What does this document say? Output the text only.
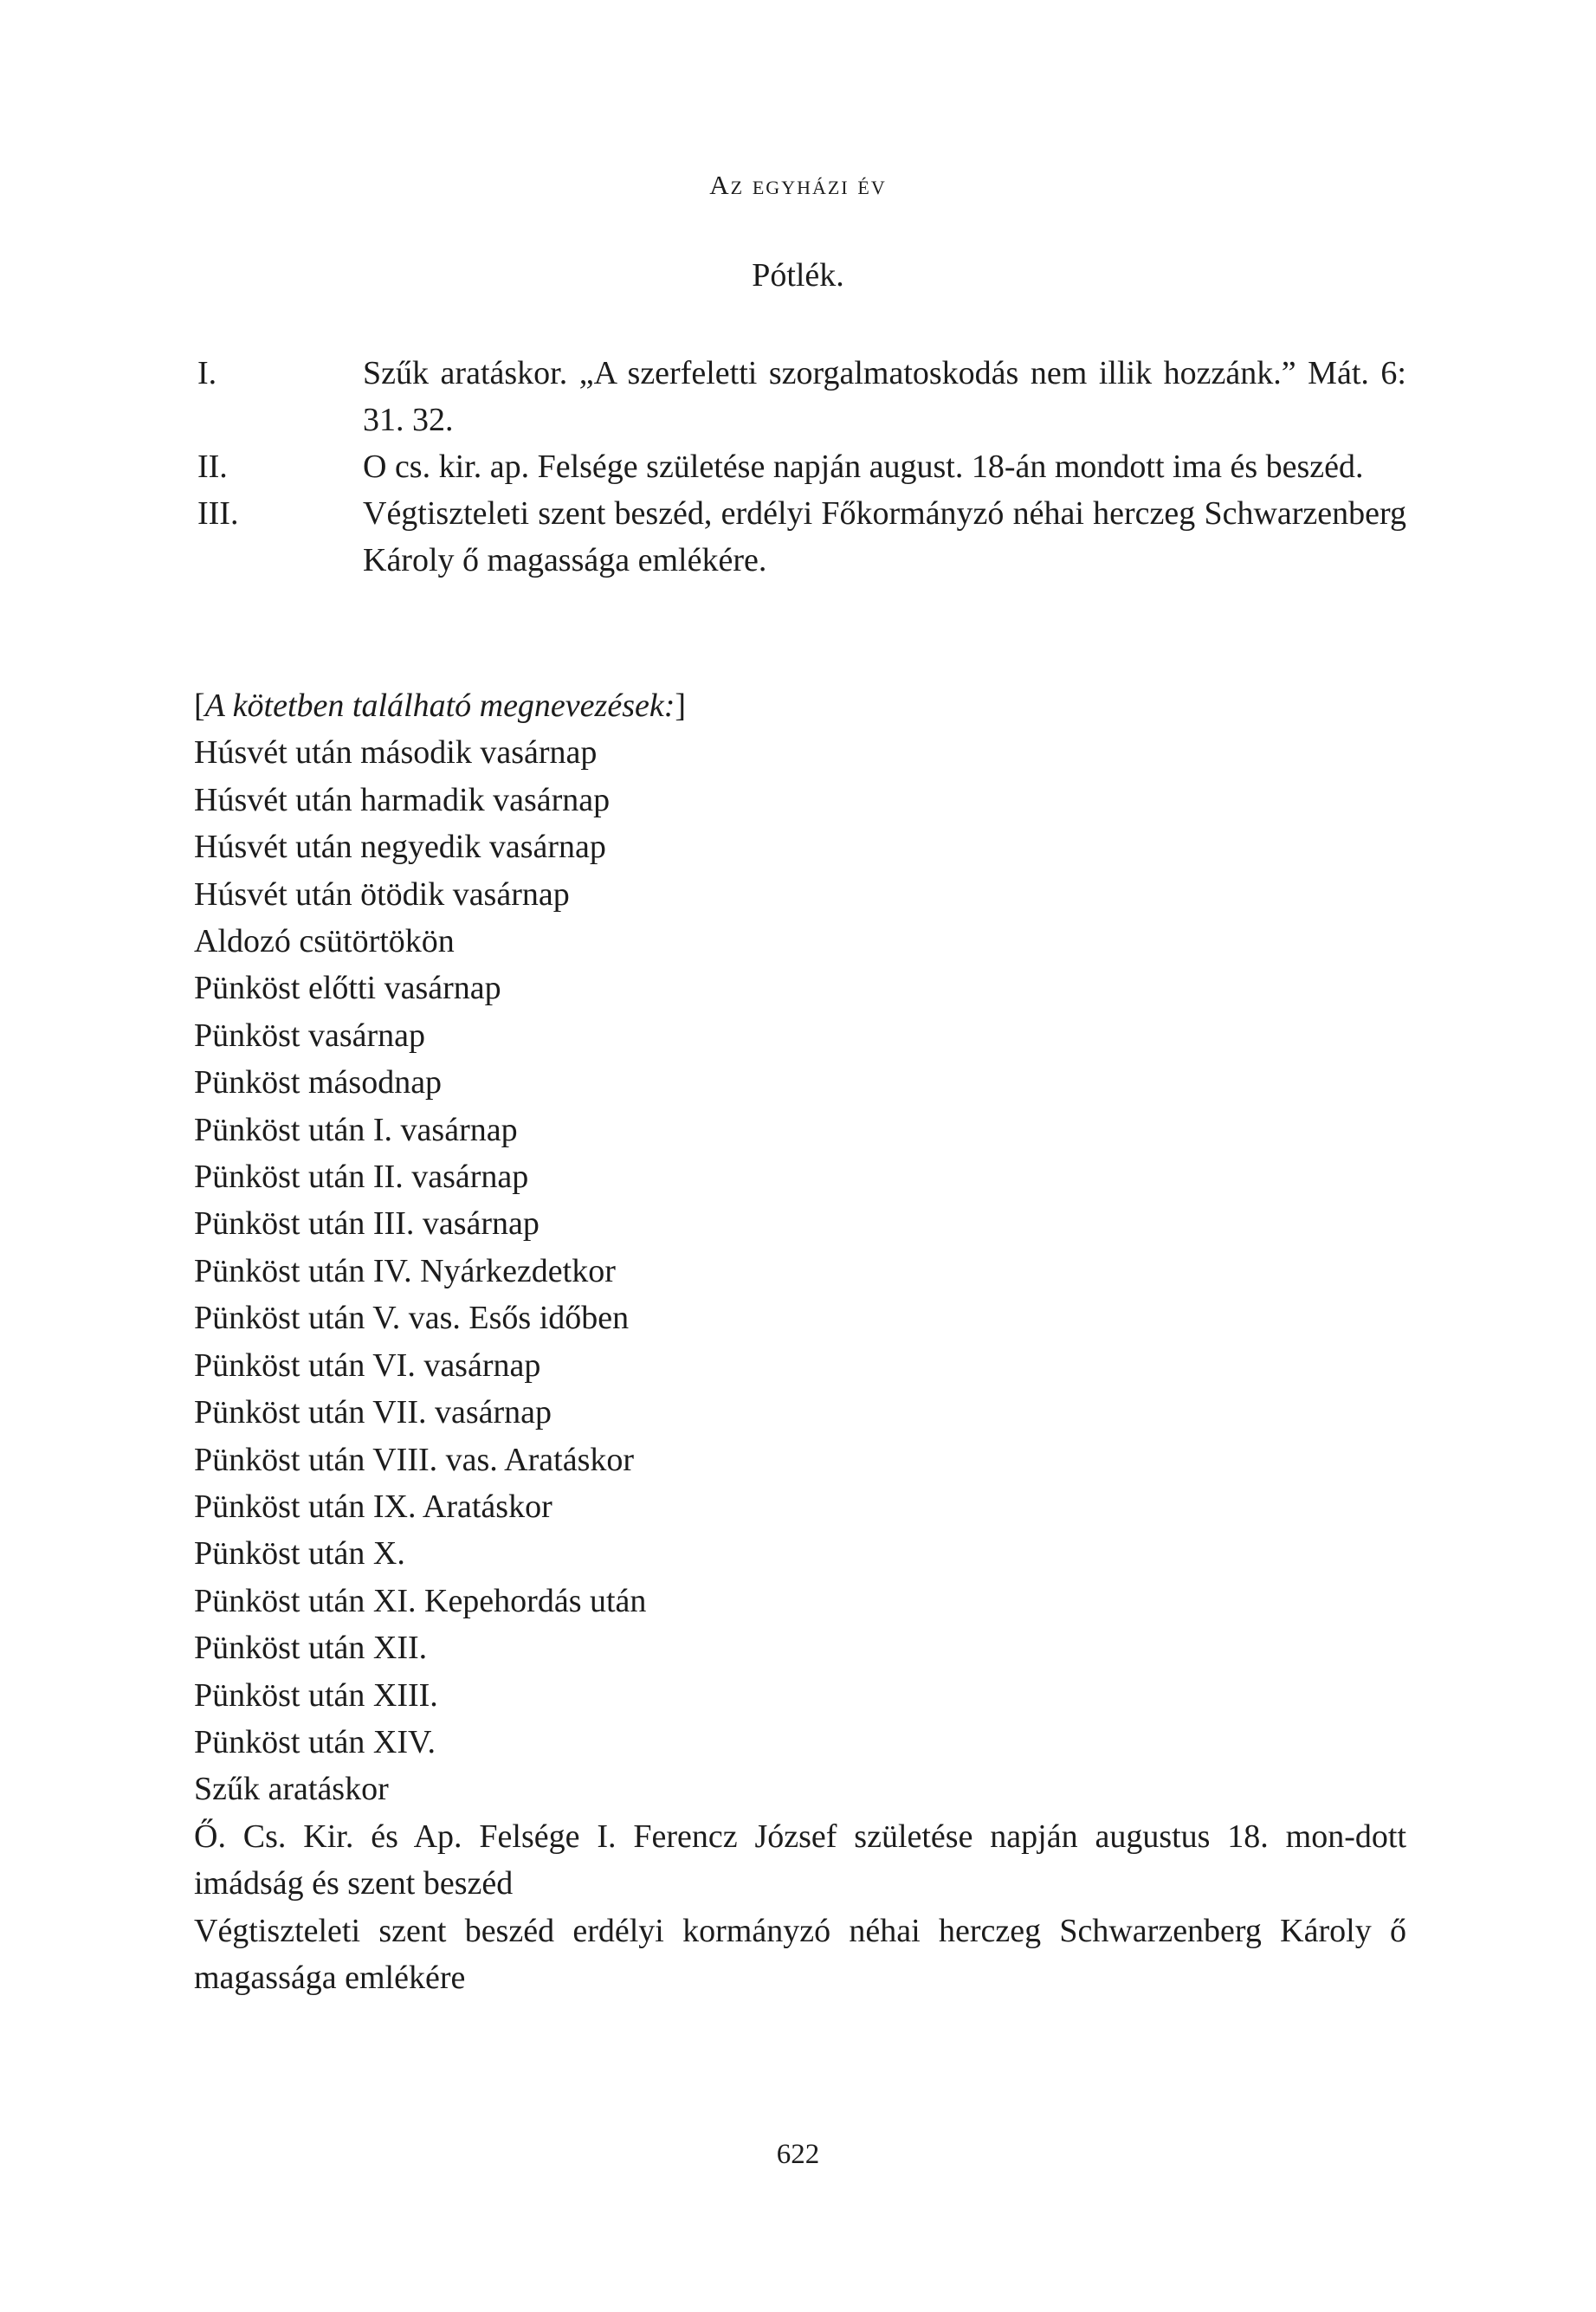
Az egyházi év
Pótlék.
I.	Szűk aratáskor. „A szerfeletti szorgalmatoskodás nem illik hozzánk.” Mát. 6: 31. 32.
II.	O cs. kir. ap. Felsége születése napján august. 18-án mondott ima és beszéd.
III.	Végtiszteleti szent beszéd, erdélyi Főkormányzó néhai herczeg Schwarzenberg Károly ő magassága emlékére.
[A kötetben található megnevezések:]
Húsvét után második vasárnap
Húsvét után harmadik vasárnap
Húsvét után negyedik vasárnap
Húsvét után ötödik vasárnap
Aldozó csütörtökön
Pünköst előtti vasárnap
Pünköst vasárnap
Pünköst másodnap
Pünköst után I. vasárnap
Pünköst után II. vasárnap
Pünköst után III. vasárnap
Pünköst után IV. Nyárkezdetkor
Pünköst után V. vas. Esős időben
Pünköst után VI. vasárnap
Pünköst után VII. vasárnap
Pünköst után VIII. vas. Aratáskor
Pünköst után IX. Aratáskor
Pünköst után X.
Pünköst után XI. Kepehordás után
Pünköst után XII.
Pünköst után XIII.
Pünköst után XIV.
Szűk aratáskor
Ő. Cs. Kir. és Ap. Felsége I. Ferencz József születése napján augustus 18. mon-dott imádság és szent beszéd
Végtiszteleti szent beszéd erdélyi kormányzó néhai herczeg Schwarzenberg Károly ő magassága emlékére
622
